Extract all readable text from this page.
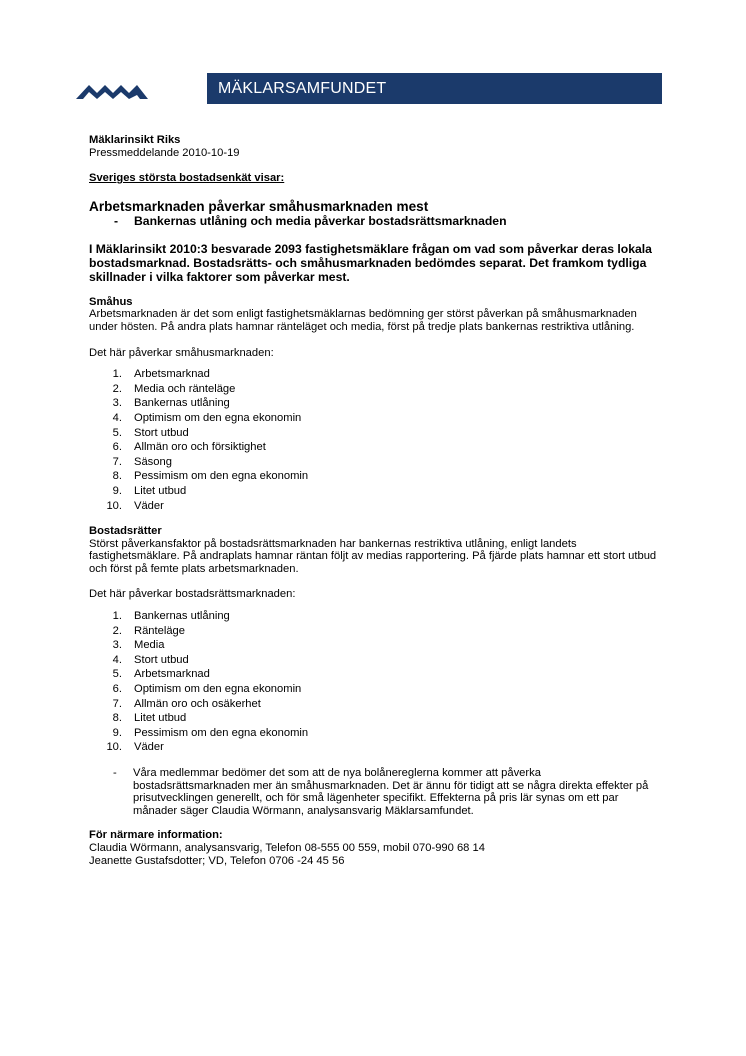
MÄKLARSAMFUNDET

Mäklarinsikt Riks

Pressmeddelande 2010-10-19

Sveriges största bostadsenkät visar:

Arbetsmarknaden påverkar småhusmarknaden mest

- Bankernas utlåning och media påverkar bostadsrättsmarknaden

I Mäklarinsikt 2010:3 besvarade 2093 fastighetsmäklare frågan om vad som påverkar deras lokala bostadsmarknad. Bostadsrätts- och småhusmarknaden bedömdes separat. Det framkom tydliga skillnader i vilka faktorer som påverkar mest.

Småhus

Arbetsmarknaden är det som enligt fastighetsmäklarnas bedömning ger störst påverkan på småhusmarknaden under hösten. På andra plats hamnar ränteläget och media, först på tredje plats bankernas restriktiva utlåning.

Det här påverkar småhusmarknaden:

1. Arbetsmarknad
2. Media och ränteläge
3. Bankernas utlåning
4. Optimism om den egna ekonomin
5. Stort utbud
6. Allmän oro och försiktighet
7. Säsong
8. Pessimism om den egna ekonomin
9. Litet utbud
10. Väder

Bostadsrätter

Störst påverkansfaktor på bostadsrättsmarknaden har bankernas restriktiva utlåning, enligt landets fastighetsmäklare. På andraplats hamnar räntan följt av medias rapportering. På fjärde plats hamnar ett stort utbud och först på femte plats arbetsmarknaden.

Det här påverkar bostadsrättsmarknaden:

1. Bankernas utlåning
2. Ränteläge
3. Media
4. Stort utbud
5. Arbetsmarknad
6. Optimism om den egna ekonomin
7. Allmän oro och osäkerhet
8. Litet utbud
9. Pessimism om den egna ekonomin
10. Väder
- Våra medlemmar bedömer det som att de nya bolånereglerna kommer att påverka bostadsrättsmarknaden mer än småhusmarknaden. Det är ännu för tidigt att se några direkta effekter på prisutvecklingen generellt, och för små lägenheter specifikt. Effekterna på pris lär synas om ett par månader säger Claudia Wörmann, analysansvarig Mäklarsamfundet.

För närmare information:

Claudia Wörmann, analysansvarig, Telefon 08-555 00 559, mobil 070-990 68 14

Jeanette Gustafsdotter; VD, Telefon 0706 -24 45 56
